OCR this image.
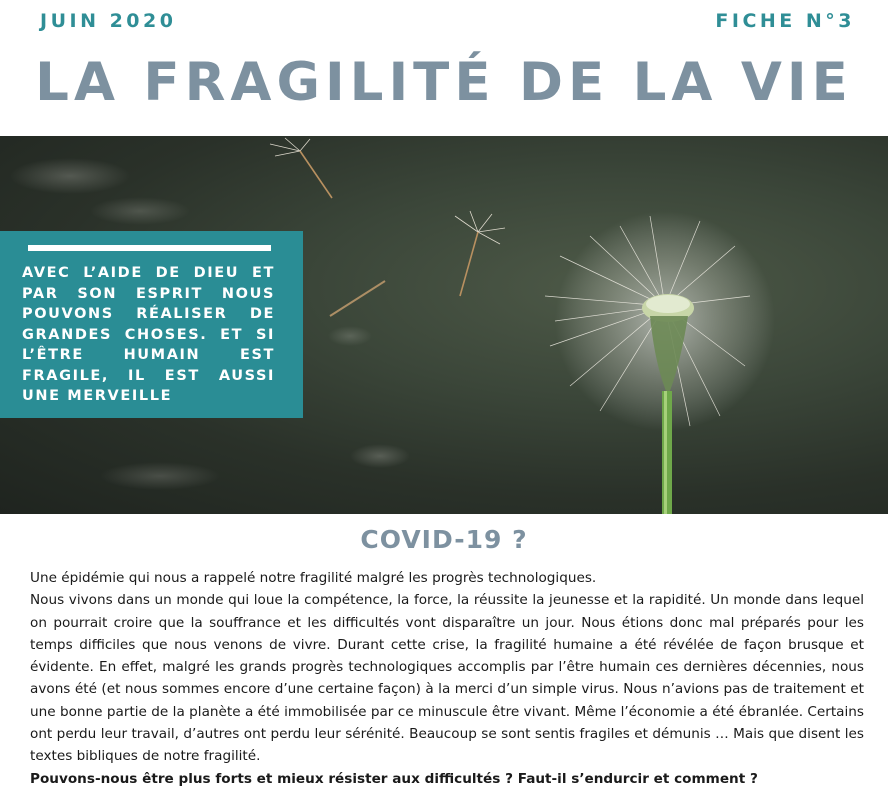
JUIN 2020	FICHE N°3
LA FRAGILITÉ DE LA VIE
AVEC L’AIDE DE DIEU ET PAR SON ESPRIT NOUS POUVONS RÉALISER DE GRANDES CHOSES. ET SI L’ÊTRE HUMAIN EST FRAGILE, IL EST AUSSI UNE MERVEILLE
COVID-19 ?

Une épidémie qui nous a rappelé notre fragilité malgré les progrès technologiques.

Nous vivons dans un monde qui loue la compétence, la force, la réussite la jeunesse et la rapidité. Un monde dans lequel on pourrait croire que la souffrance et les difficultés vont disparaître un jour. Nous étions donc mal préparés pour les temps difficiles que nous venons de vivre. Durant cette crise, la fragilité humaine a été révélée de façon brusque et évidente. En effet, malgré les grands progrès technologiques accomplis par l’être humain ces dernières décennies, nous avons été (et nous sommes encore d’une certaine façon) à la merci d’un simple virus. Nous n’avions pas de traitement et une bonne partie de la planète a été immobilisée par ce minuscule être vivant. Même l’économie a été ébranlée. Certains ont perdu leur travail, d’autres ont perdu leur sérénité. Beaucoup se sont sentis fragiles et démunis … Mais que disent les textes bibliques de notre fragilité.

Pouvons-nous être plus forts et mieux résister aux difficultés ? Faut-il s’endurcir et comment ?
